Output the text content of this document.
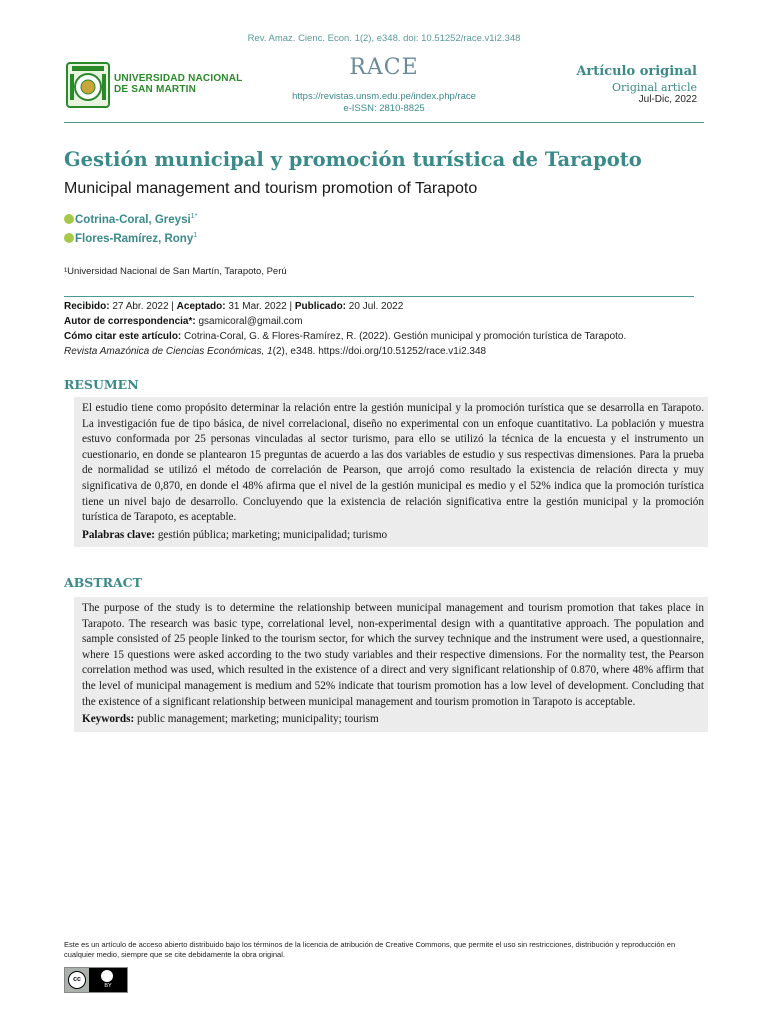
Rev. Amaz. Cienc. Econ. 1(2), e348. doi: 10.51252/race.v1i2.348
UNIVERSIDAD NACIONAL
DE SAN MARTIN
RACE
https://revistas.unsm.edu.pe/index.php/race
e-ISSN: 2810-8825
Artículo original
Original article
Jul-Dic, 2022
Gestión municipal y promoción turística de Tarapoto
Municipal management and tourism promotion of Tarapoto
Cotrina-Coral, Greysi$^{1*}$
Flores-Ramírez, Rony$^1$
¹Universidad Nacional de San Martín, Tarapoto, Perú
Recibido: 27 Abr. 2022 | Aceptado: 31 Mar. 2022 | Publicado: 20 Jul. 2022
Autor de correspondencia*: gsamicoral@gmail.com
Cómo citar este artículo: Cotrina-Coral, G. & Flores-Ramírez, R. (2022). Gestión municipal y promoción turística de Tarapoto.
Revista Amazónica de Ciencias Económicas, 1(2), e348. https://doi.org/10.51252/race.v1i2.348
RESUMEN

El estudio tiene como propósito determinar la relación entre la gestión municipal y la promoción turística que se desarrolla en Tarapoto. La investigación fue de tipo básica, de nivel correlacional, diseño no experimental con un enfoque cuantitativo. La población y muestra estuvo conformada por 25 personas vinculadas al sector turismo, para ello se utilizó la técnica de la encuesta y el instrumento un cuestionario, en donde se plantearon 15 preguntas de acuerdo a las dos variables de estudio y sus respectivas dimensiones. Para la prueba de normalidad se utilizó el método de correlación de Pearson, que arrojó como resultado la existencia de relación directa y muy significativa de 0,870, en donde el 48% afirma que el nivel de la gestión municipal es medio y el 52% indica que la promoción turística tiene un nivel bajo de desarrollo. Concluyendo que la existencia de relación significativa entre la gestión municipal y la promoción turística de Tarapoto, es aceptable.

Palabras clave: gestión pública; marketing; municipalidad; turismo
ABSTRACT

The purpose of the study is to determine the relationship between municipal management and tourism promotion that takes place in Tarapoto. The research was basic type, correlational level, non-experimental design with a quantitative approach. The population and sample consisted of 25 people linked to the tourism sector, for which the survey technique and the instrument were used, a questionnaire, where 15 questions were asked according to the two study variables and their respective dimensions. For the normality test, the Pearson correlation method was used, which resulted in the existence of a direct and very significant relationship of 0.870, where 48% affirm that the level of municipal management is medium and 52% indicate that tourism promotion has a low level of development. Concluding that the existence of a significant relationship between municipal management and tourism promotion in Tarapoto is acceptable.

Keywords: public management; marketing; municipality; tourism
Este es un artículo de acceso abierto distribuido bajo los términos de la licencia de atribución de Creative Commons, que permite el uso sin restricciones, distribución y reproducción en cualquier medio, siempre que se cite debidamente la obra original.
cc
BY
